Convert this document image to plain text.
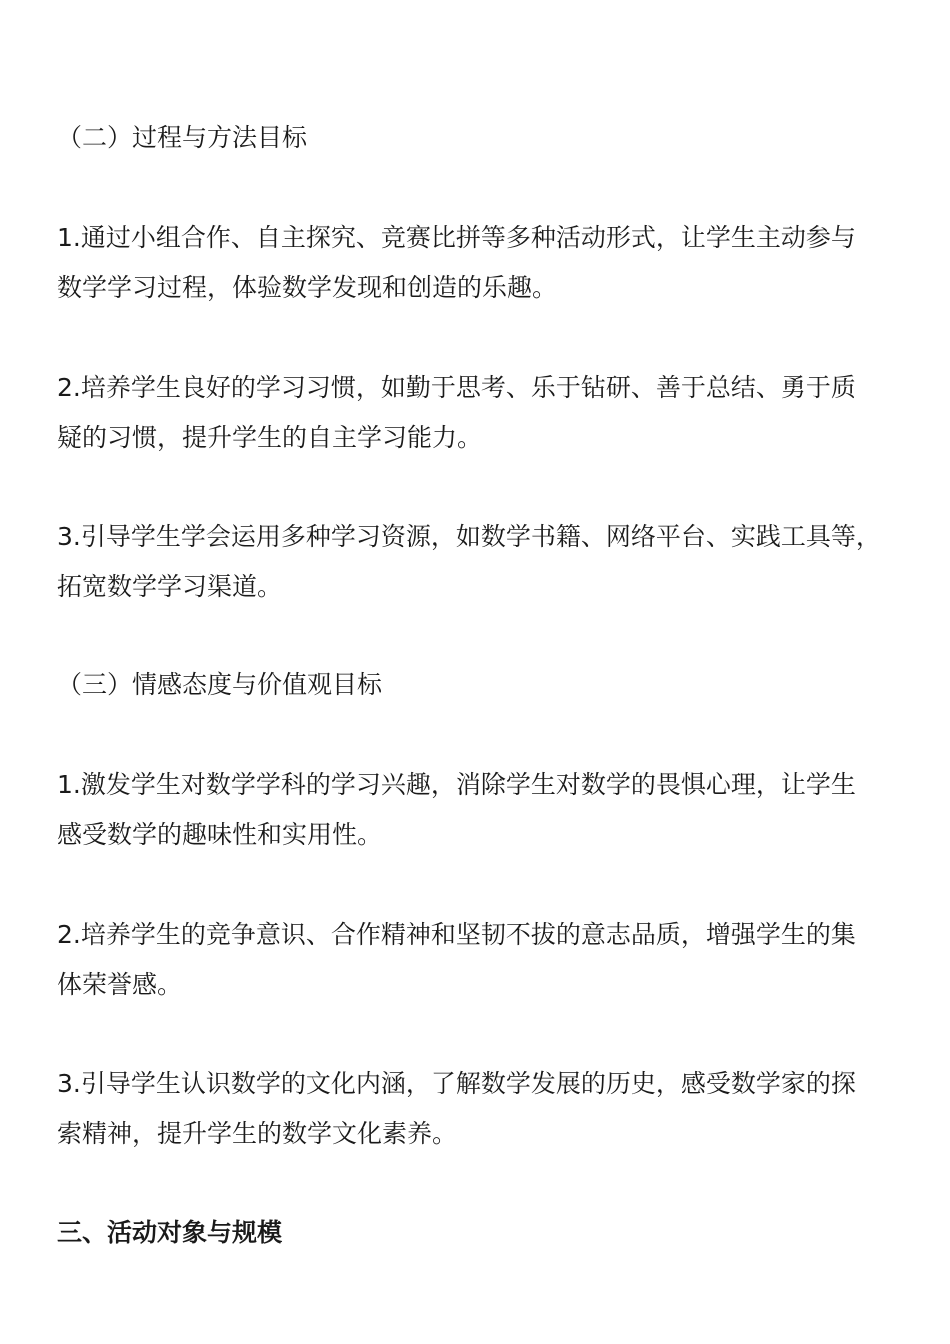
（二）过程与方法目标

1.通过小组合作、自主探究、竞赛比拼等多种活动形式，让学生主动参与
数学学习过程，体验数学发现和创造的乐趣。

2.培养学生良好的学习习惯，如勤于思考、乐于钻研、善于总结、勇于质
疑的习惯，提升学生的自主学习能力。

3.引导学生学会运用多种学习资源，如数学书籍、网络平台、实践工具等，
拓宽数学学习渠道。

（三）情感态度与价值观目标

1.激发学生对数学学科的学习兴趣，消除学生对数学的畏惧心理，让学生
感受数学的趣味性和实用性。

2.培养学生的竞争意识、合作精神和坚韧不拔的意志品质，增强学生的集
体荣誉感。

3.引导学生认识数学的文化内涵，了解数学发展的历史，感受数学家的探
索精神，提升学生的数学文化素养。

三、活动对象与规模
